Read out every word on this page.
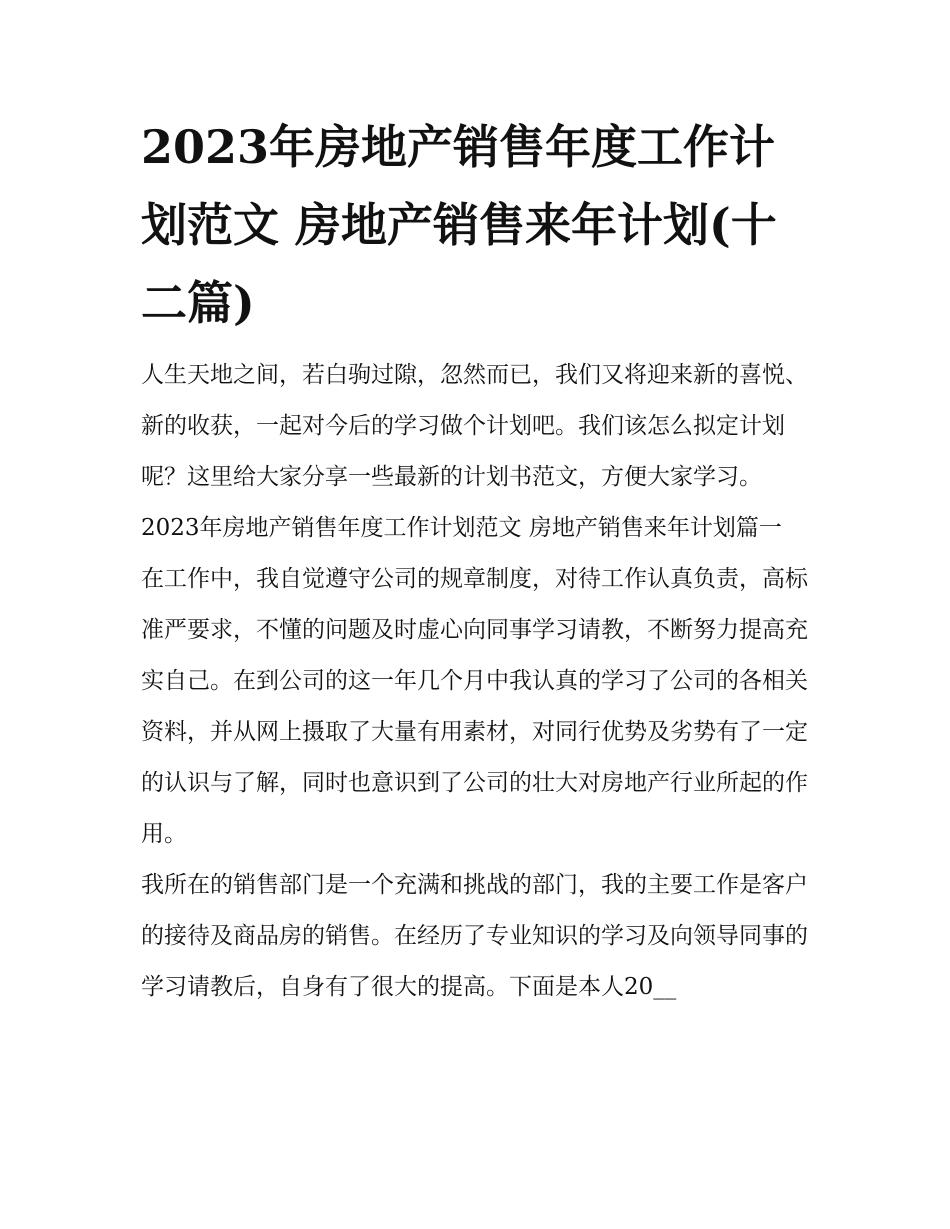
2023年房地产销售年度工作计划范文 房地产销售来年计划(十二篇)

人生天地之间，若白驹过隙，忽然而已，我们又将迎来新的喜悦、新的收获，一起对今后的学习做个计划吧。我们该怎么拟定计划呢？这里给大家分享一些最新的计划书范文，方便大家学习。

2023年房地产销售年度工作计划范文 房地产销售来年计划篇一

在工作中，我自觉遵守公司的规章制度，对待工作认真负责，高标准严要求，不懂的问题及时虚心向同事学习请教，不断努力提高充实自己。在到公司的这一年几个月中我认真的学习了公司的各相关资料，并从网上摄取了大量有用素材，对同行优势及劣势有了一定的认识与了解，同时也意识到了公司的壮大对房地产行业所起的作用。

我所在的销售部门是一个充满和挑战的部门，我的主要工作是客户的接待及商品房的销售。在经历了专业知识的学习及向领导同事的学习请教后，自身有了很大的提高。下面是本人20__
